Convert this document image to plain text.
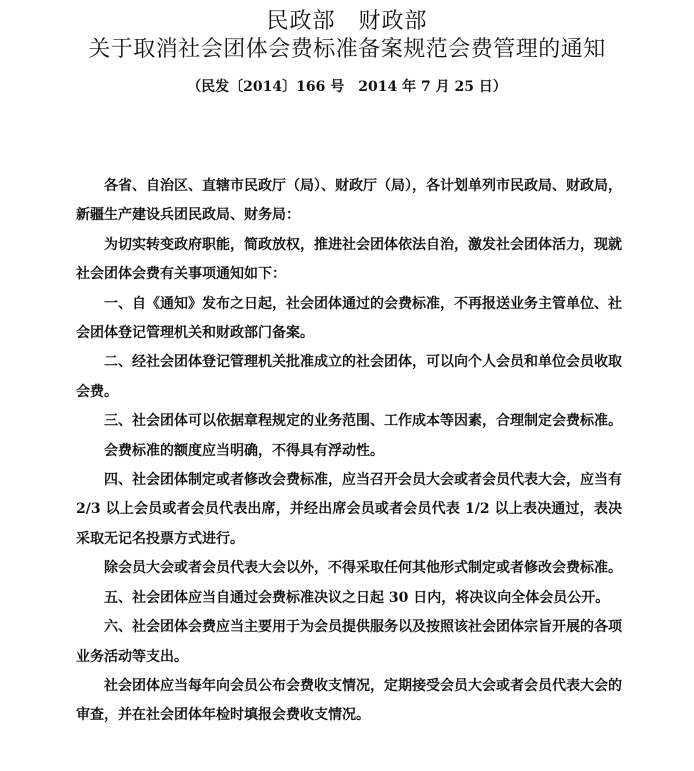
民政部　财政部
关于取消社会团体会费标准备案规范会费管理的通知
（民发〔2014〕166 号　2014 年 7 月 25 日）

各省、自治区、直辖市民政厅（局）、财政厅（局），各计划单列市民政局、财政局，新疆生产建设兵团民政局、财务局：

为切实转变政府职能，简政放权，推进社会团体依法自治，激发社会团体活力，现就社会团体会费有关事项通知如下：

一、自《通知》发布之日起，社会团体通过的会费标准，不再报送业务主管单位、社会团体登记管理机关和财政部门备案。

二、经社会团体登记管理机关批准成立的社会团体，可以向个人会员和单位会员收取会费。

三、社会团体可以依据章程规定的业务范围、工作成本等因素，合理制定会费标准。

会费标准的额度应当明确，不得具有浮动性。

四、社会团体制定或者修改会费标准，应当召开会员大会或者会员代表大会，应当有 2/3 以上会员或者会员代表出席，并经出席会员或者会员代表 1/2 以上表决通过，表决采取无记名投票方式进行。

除会员大会或者会员代表大会以外，不得采取任何其他形式制定或者修改会费标准。

五、社会团体应当自通过会费标准决议之日起 30 日内，将决议向全体会员公开。

六、社会团体会费应当主要用于为会员提供服务以及按照该社会团体宗旨开展的各项业务活动等支出。

社会团体应当每年向会员公布会费收支情况，定期接受会员大会或者会员代表大会的审查，并在社会团体年检时填报会费收支情况。
